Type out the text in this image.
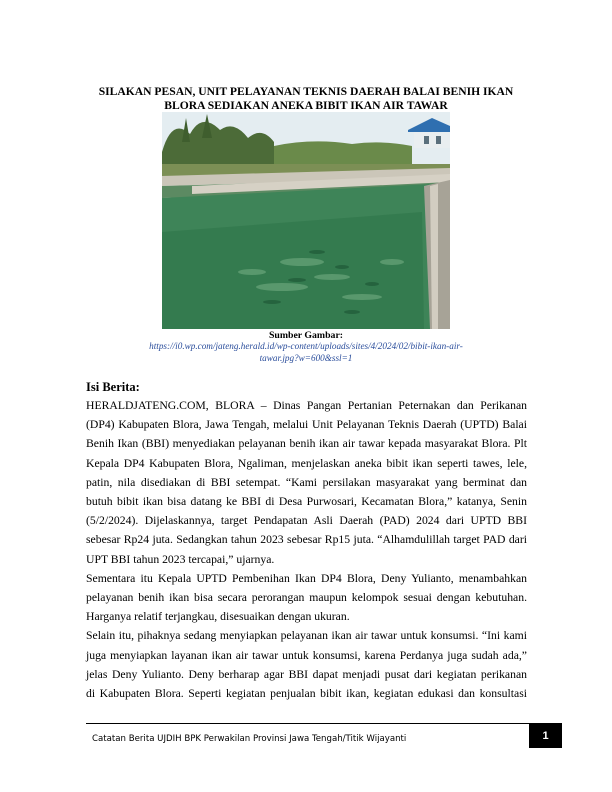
SILAKAN PESAN, UNIT PELAYANAN TEKNIS DAERAH BALAI BENIH IKAN
BLORA SEDIAKAN ANEKA BIBIT IKAN AIR TAWAR
Sumber Gambar:
https://i0.wp.com/jateng.herald.id/wp-content/uploads/sites/4/2024/02/bibit-ikan-air-
tawar.jpg?w=600&ssl=1
Isi Berita:
HERALDJATENG.COM, BLORA – Dinas Pangan Pertanian Peternakan dan Perikanan
(DP4) Kabupaten Blora, Jawa Tengah, melalui Unit Pelayanan Teknis Daerah (UPTD) Balai
Benih Ikan (BBI) menyediakan pelayanan benih ikan air tawar kepada masyarakat Blora. Plt
Kepala DP4 Kabupaten Blora, Ngaliman, menjelaskan aneka bibit ikan seperti tawes, lele,
patin, nila disediakan di BBI setempat. “Kami persilakan masyarakat yang berminat dan
butuh bibit ikan bisa datang ke BBI di Desa Purwosari, Kecamatan Blora,” katanya, Senin
(5/2/2024). Dijelaskannya, target Pendapatan Asli Daerah (PAD) 2024 dari UPTD BBI
sebesar Rp24 juta. Sedangkan tahun 2023 sebesar Rp15 juta. “Alhamdulillah target PAD dari
UPT BBI tahun 2023 tercapai,” ujarnya.
Sementara itu Kepala UPTD Pembenihan Ikan DP4 Blora, Deny Yulianto, menambahkan
pelayanan benih ikan bisa secara perorangan maupun kelompok sesuai dengan kebutuhan.
Harganya relatif terjangkau, disesuaikan dengan ukuran.
Selain itu, pihaknya sedang menyiapkan pelayanan ikan air tawar untuk konsumsi. “Ini kami
juga menyiapkan layanan ikan air tawar untuk konsumsi, karena Perdanya juga sudah ada,”
jelas Deny Yulianto. Deny berharap agar BBI dapat menjadi pusat dari kegiatan perikanan
di Kabupaten Blora. Seperti kegiatan penjualan bibit ikan, kegiatan edukasi dan konsultasi
Catatan Berita UJDIH BPK Perwakilan Provinsi Jawa Tengah/Titik Wijayanti	1
